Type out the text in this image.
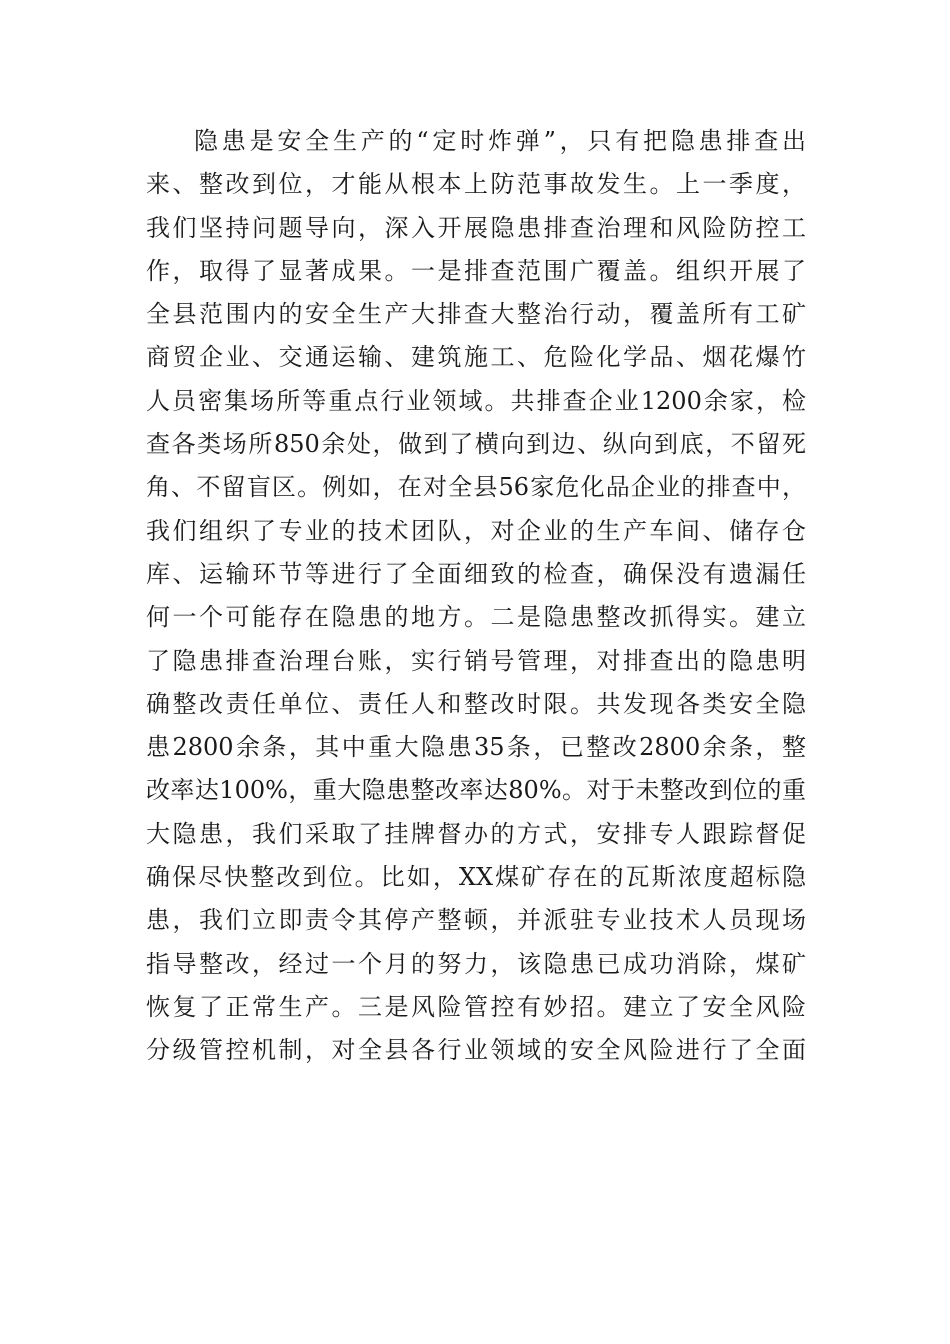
隐患是安全生产的“定时炸弹”，只有把隐患排查出
来、整改到位，才能从根本上防范事故发生。上一季度，
我们坚持问题导向，深入开展隐患排查治理和风险防控工
作，取得了显著成果。一是排查范围广覆盖。组织开展了
全县范围内的安全生产大排查大整治行动，覆盖所有工矿
商贸企业、交通运输、建筑施工、危险化学品、烟花爆竹
人员密集场所等重点行业领域。共排查企业1200余家，检
查各类场所850余处，做到了横向到边、纵向到底，不留死
角、不留盲区。例如，在对全县56家危化品企业的排查中，
我们组织了专业的技术团队，对企业的生产车间、储存仓
库、运输环节等进行了全面细致的检查，确保没有遗漏任
何一个可能存在隐患的地方。二是隐患整改抓得实。建立
了隐患排查治理台账，实行销号管理，对排查出的隐患明
确整改责任单位、责任人和整改时限。共发现各类安全隐
患2800余条，其中重大隐患35条，已整改2800余条，整
改率达100%，重大隐患整改率达80%。对于未整改到位的重
大隐患，我们采取了挂牌督办的方式，安排专人跟踪督促
确保尽快整改到位。比如，XX煤矿存在的瓦斯浓度超标隐
患，我们立即责令其停产整顿，并派驻专业技术人员现场
指导整改，经过一个月的努力，该隐患已成功消除，煤矿
恢复了正常生产。三是风险管控有妙招。建立了安全风险
分级管控机制，对全县各行业领域的安全风险进行了全面
